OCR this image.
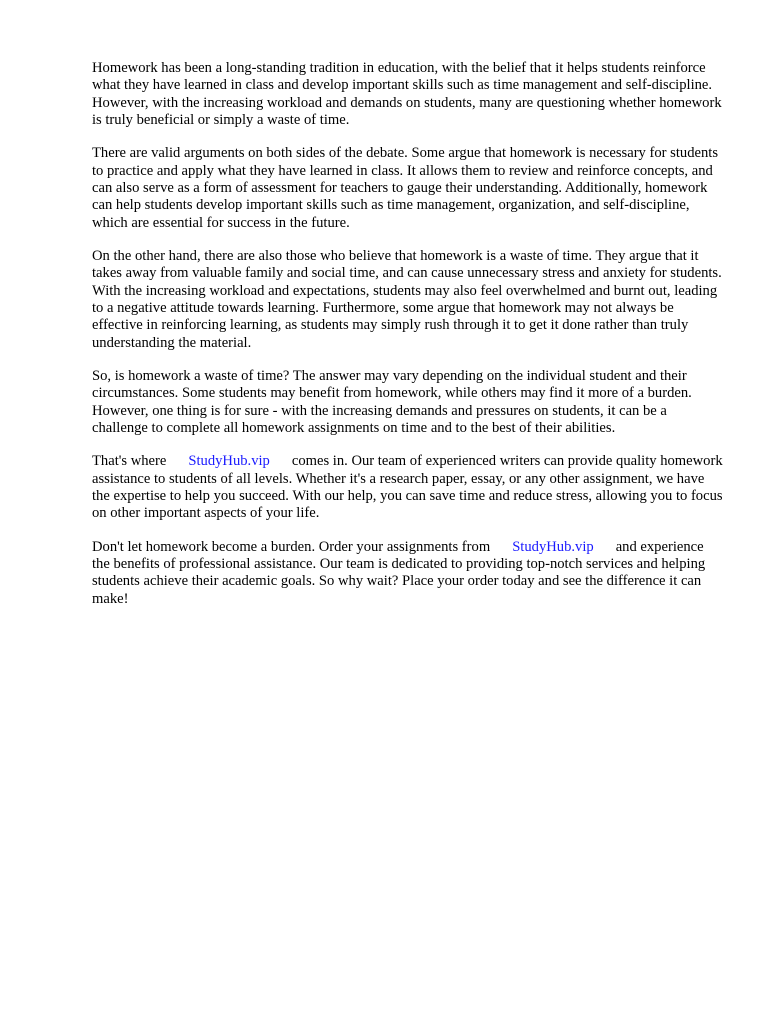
Homework has been a long-standing tradition in education, with the belief that it helps students reinforce what they have learned in class and develop important skills such as time management and self-discipline. However, with the increasing workload and demands on students, many are questioning whether homework is truly beneficial or simply a waste of time.

There are valid arguments on both sides of the debate. Some argue that homework is necessary for students to practice and apply what they have learned in class. It allows them to review and reinforce concepts, and can also serve as a form of assessment for teachers to gauge their understanding. Additionally, homework can help students develop important skills such as time management, organization, and self-discipline, which are essential for success in the future.

On the other hand, there are also those who believe that homework is a waste of time. They argue that it takes away from valuable family and social time, and can cause unnecessary stress and anxiety for students. With the increasing workload and expectations, students may also feel overwhelmed and burnt out, leading to a negative attitude towards learning. Furthermore, some argue that homework may not always be effective in reinforcing learning, as students may simply rush through it to get it done rather than truly understanding the material.

So, is homework a waste of time? The answer may vary depending on the individual student and their circumstances. Some students may benefit from homework, while others may find it more of a burden. However, one thing is for sure - with the increasing demands and pressures on students, it can be a challenge to complete all homework assignments on time and to the best of their abilities.

That's where StudyHub.vip comes in. Our team of experienced writers can provide quality homework assistance to students of all levels. Whether it's a research paper, essay, or any other assignment, we have the expertise to help you succeed. With our help, you can save time and reduce stress, allowing you to focus on other important aspects of your life.

Don't let homework become a burden. Order your assignments from StudyHub.vip and experience the benefits of professional assistance. Our team is dedicated to providing top-notch services and helping students achieve their academic goals. So why wait? Place your order today and see the difference it can make!
